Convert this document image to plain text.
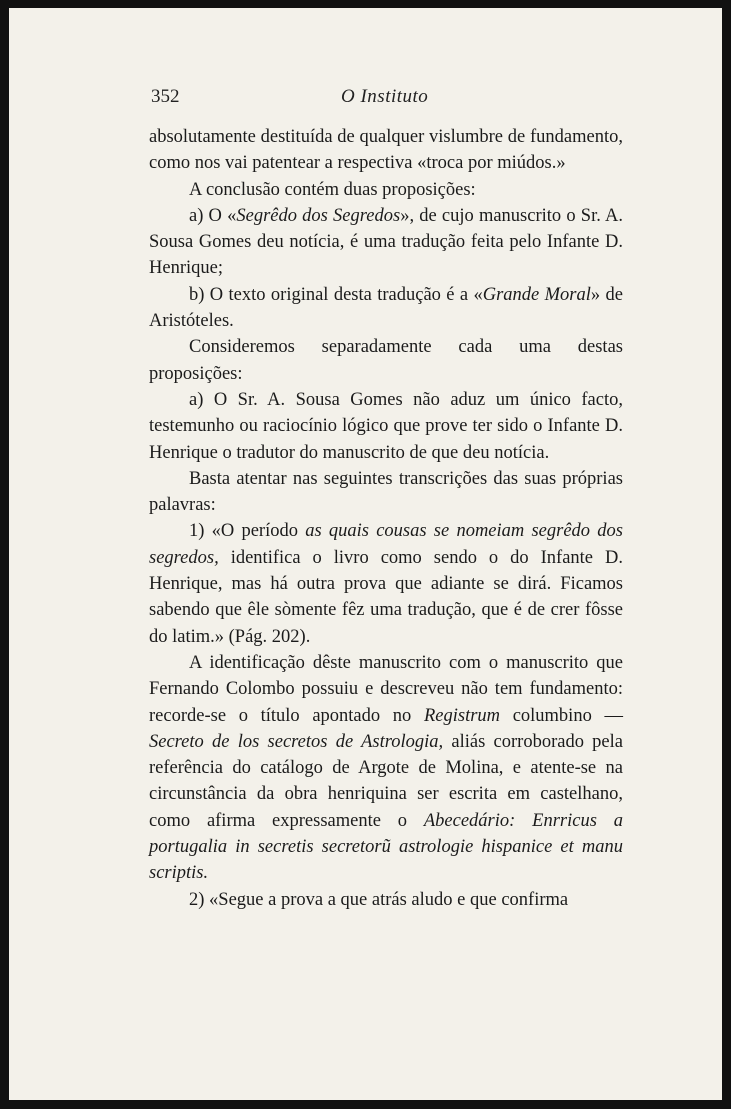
352	O Instituto

absolutamente destituída de qualquer vislumbre de fundamento, como nos vai patentear a respectiva «troca por miúdos.»

A conclusão contém duas proposições:

a) O «Segrêdo dos Segredos», de cujo manuscrito o Sr. A. Sousa Gomes deu notícia, é uma tradução feita pelo Infante D. Henrique;

b) O texto original desta tradução é a «Grande Moral» de Aristóteles.

Consideremos separadamente cada uma destas proposições:

a) O Sr. A. Sousa Gomes não aduz um único facto, testemunho ou raciocínio lógico que prove ter sido o Infante D. Henrique o tradutor do manuscrito de que deu notícia.

Basta atentar nas seguintes transcrições das suas próprias palavras:

1) «O período as quais cousas se nomeiam segrêdo dos segredos, identifica o livro como sendo o do Infante D. Henrique, mas há outra prova que adiante se dirá. Ficamos sabendo que êle sòmente fêz uma tradução, que é de crer fôsse do latim.» (Pág. 202).

A identificação dêste manuscrito com o manuscrito que Fernando Colombo possuiu e descreveu não tem fundamento: recorde-se o título apontado no Registrum columbino — Secreto de los secretos de Astrologia, aliás corroborado pela referência do catálogo de Argote de Molina, e atente-se na circunstância da obra henriquina ser escrita em castelhano, como afirma expressamente o Abecedário: Enrricus a portugalia in secretis secretorũ astrologie hispanice et manu scriptis.

2) «Segue a prova a que atrás aludo e que confirma
